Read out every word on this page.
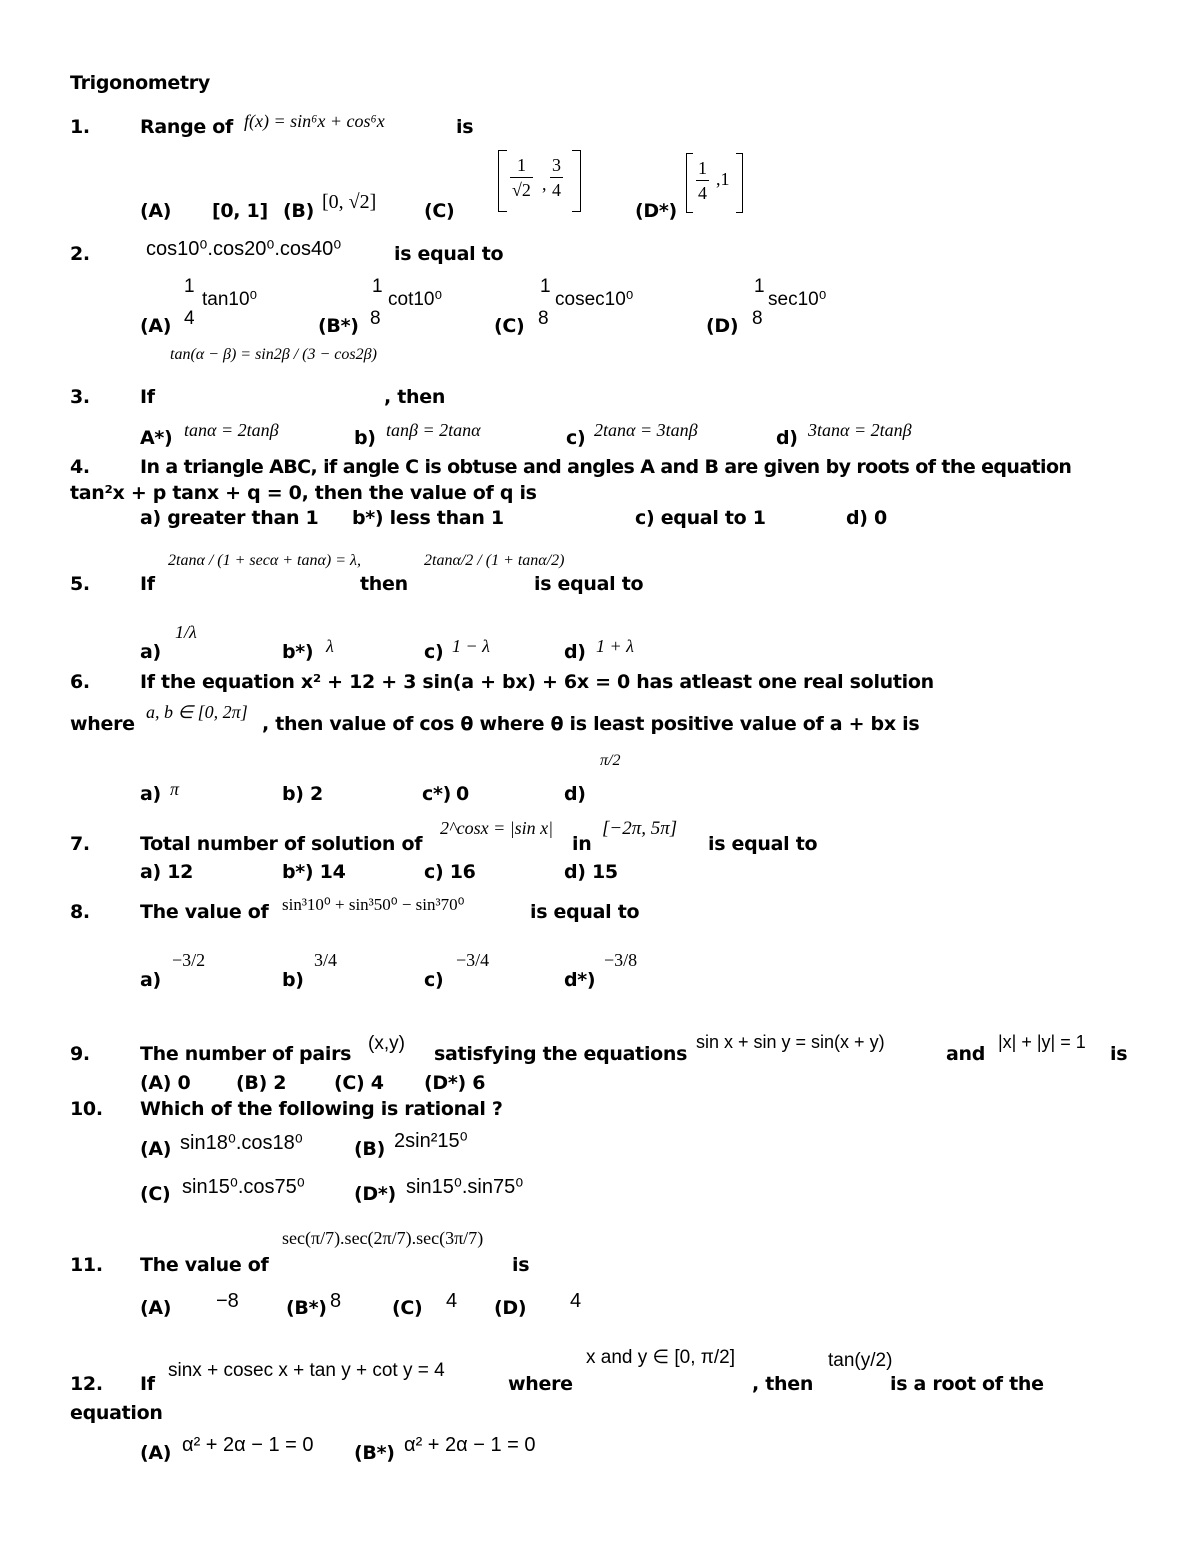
Trigonometry
1.	Range of f(x) = sin⁶x + cos⁶x	is
(A) [0, 1] (B) [0, √2]	(C)
1
√2 ,
3
4
(D*)
1
4
,1
2.	cos10⁰.cos20⁰.cos40⁰	is equal to
(A)
1
4
tan10⁰
(B*)
1
8
cot10⁰
(C)
1
8
cosec10⁰
(D)
1
8
sec10⁰
3.	If
tan(α − β) = sin2β / (3 − cos2β)
, then
A*) tanα = 2tanβ	b) tanβ = 2tanα	c) 2tanα = 3tanβ	d) 3tanα = 2tanβ
4.	In a triangle ABC, if angle C is obtuse and angles A and B are given by roots of the equation
tan²x + p tanx + q = 0, then the value of q is
a) greater than 1 b*) less than 1	c) equal to 1	d) 0
5.	If
2tanα / (1 + secα + tanα) = λ,
then
2tanα/2 / (1 + tanα/2)
is equal to
a)
1/λ
b*) λ	c) 1 − λ	d) 1 + λ
6.	If the equation x² + 12 + 3 sin(a + bx) + 6x = 0 has atleast one real solution
where
a, b ∈ [0, 2π]
, then value of cos θ where θ is least positive value of a + bx is
a) π	b) 2	c*) 0	d)
π/2
7.	Total number of solution of
2^cosx = |sin x|
in
[−2π, 5π]
is equal to
a) 12	b*) 14	c) 16	d) 15
8.	The value of sin³10⁰ + sin³50⁰ − sin³70⁰	is equal to
a)
−3/2
b)
3/4
c)
−3/4
d*)
−3/8
9.	The number of pairs (x,y) satisfying the equations
sin x + sin y = sin(x + y)
and
|x| + |y| = 1
is
(A) 0 (B) 2	(C) 4 (D*) 6
10. Which of the following is rational ?
(A) sin18⁰.cos18⁰	(B) 2sin²15⁰
(C) sin15⁰.cos75⁰	(D*) sin15⁰.sin75⁰
11. The value of
sec(π/7).sec(2π/7).sec(3π/7)
is
(A) −8 (B*) 8	(C) 4 (D) 4
12. If
sinx + cosec x + tan y + cot y = 4
where
x and y ∈ [0, π/2]
, then
tan(y/2)
is a root of the
equation
(A) α² + 2α − 1 = 0 (B*) α² + 2α − 1 = 0
